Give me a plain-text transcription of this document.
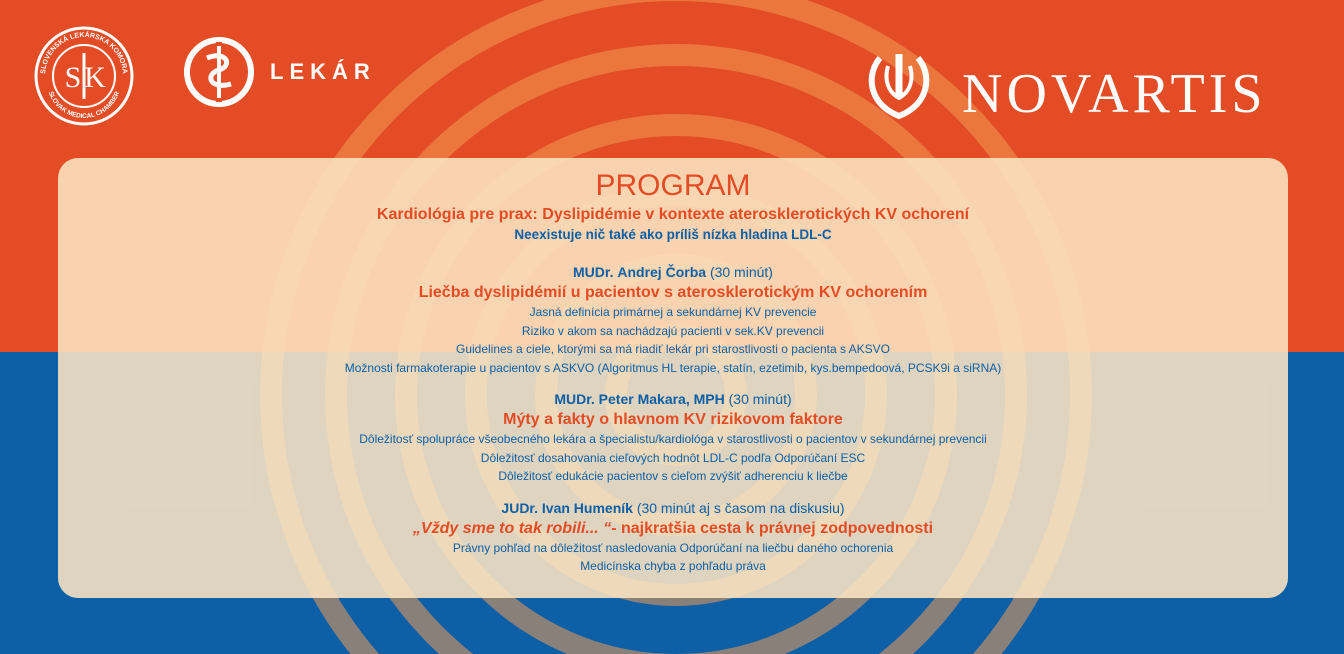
SLOVENSKÁ LEKÁRSKA KOMORA
SLOVAK MEDICAL CHAMBER
S K	LEKÁR	NOVARTIS
PROGRAM
Kardiológia pre prax: Dyslipidémie v kontexte aterosklerotických KV ochorení
Neexistuje nič také ako príliš nízka hladina LDL-C
MUDr. Andrej Čorba (30 minút)
Liečba dyslipidémií u pacientov s aterosklerotickým KV ochorením
Jasná definícia primárnej a sekundárnej KV prevencie
Riziko v akom sa nachádzajú pacienti v sek.KV prevencii
Guidelines a ciele, ktorými sa má riadiť lekár pri starostlivosti o pacienta s AKSVO
Možnosti farmakoterapie u pacientov s ASKVO (Algoritmus HL terapie, statín, ezetimib, kys.bempedoová, PCSK9i a siRNA)
MUDr. Peter Makara, MPH (30 minút)
Mýty a fakty o hlavnom KV rizikovom faktore
Dôležitosť spolupráce všeobecného lekára a špecialistu/kardiológa v starostlivosti o pacientov v sekundárnej prevencii
Dôležitosť dosahovania cieľových hodnôt LDL-C podľa Odporúčaní ESC
Dôležitosť edukácie pacientov s cieľom zvýšiť adherenciu k liečbe
JUDr. Ivan Humeník (30 minút aj s časom na diskusiu)
„Vždy sme to tak robili... “- najkratšia cesta k právnej zodpovednosti
Právny pohľad na dôležitosť nasledovania Odporúčaní na liečbu daného ochorenia
Medicínska chyba z pohľadu práva
